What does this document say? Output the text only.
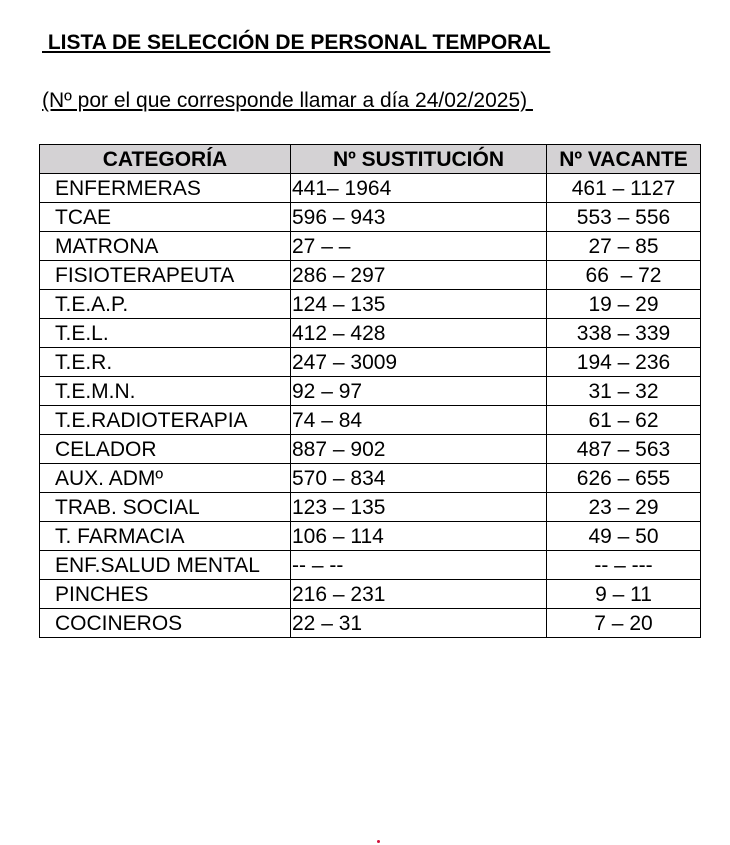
LISTA DE SELECCIÓN DE PERSONAL TEMPORAL
(Nº por el que corresponde llamar a día 24/02/2025)
CATEGORÍA	Nº SUSTITUCIÓN	Nº VACANTE
ENFERMERAS	441– 1964	461 – 1127
TCAE	596 – 943	553 – 556
MATRONA	27 – –	27 – 85
FISIOTERAPEUTA	286 – 297	66  – 72
T.E.A.P.	124 – 135	19 – 29
T.E.L.	412 – 428	338 – 339
T.E.R.	247 – 3009	194 – 236
T.E.M.N.	92 – 97	31 – 32
T.E.RADIOTERAPIA	74 – 84	61 – 62
CELADOR	887 – 902	487 – 563
AUX. ADMº	570 – 834	626 – 655
TRAB. SOCIAL	123 – 135	23 – 29
T. FARMACIA	106 – 114	49 – 50
ENF.SALUD MENTAL	-- – --	-- – ---
PINCHES	216 – 231	9 – 11
COCINEROS	22 – 31	7 – 20
